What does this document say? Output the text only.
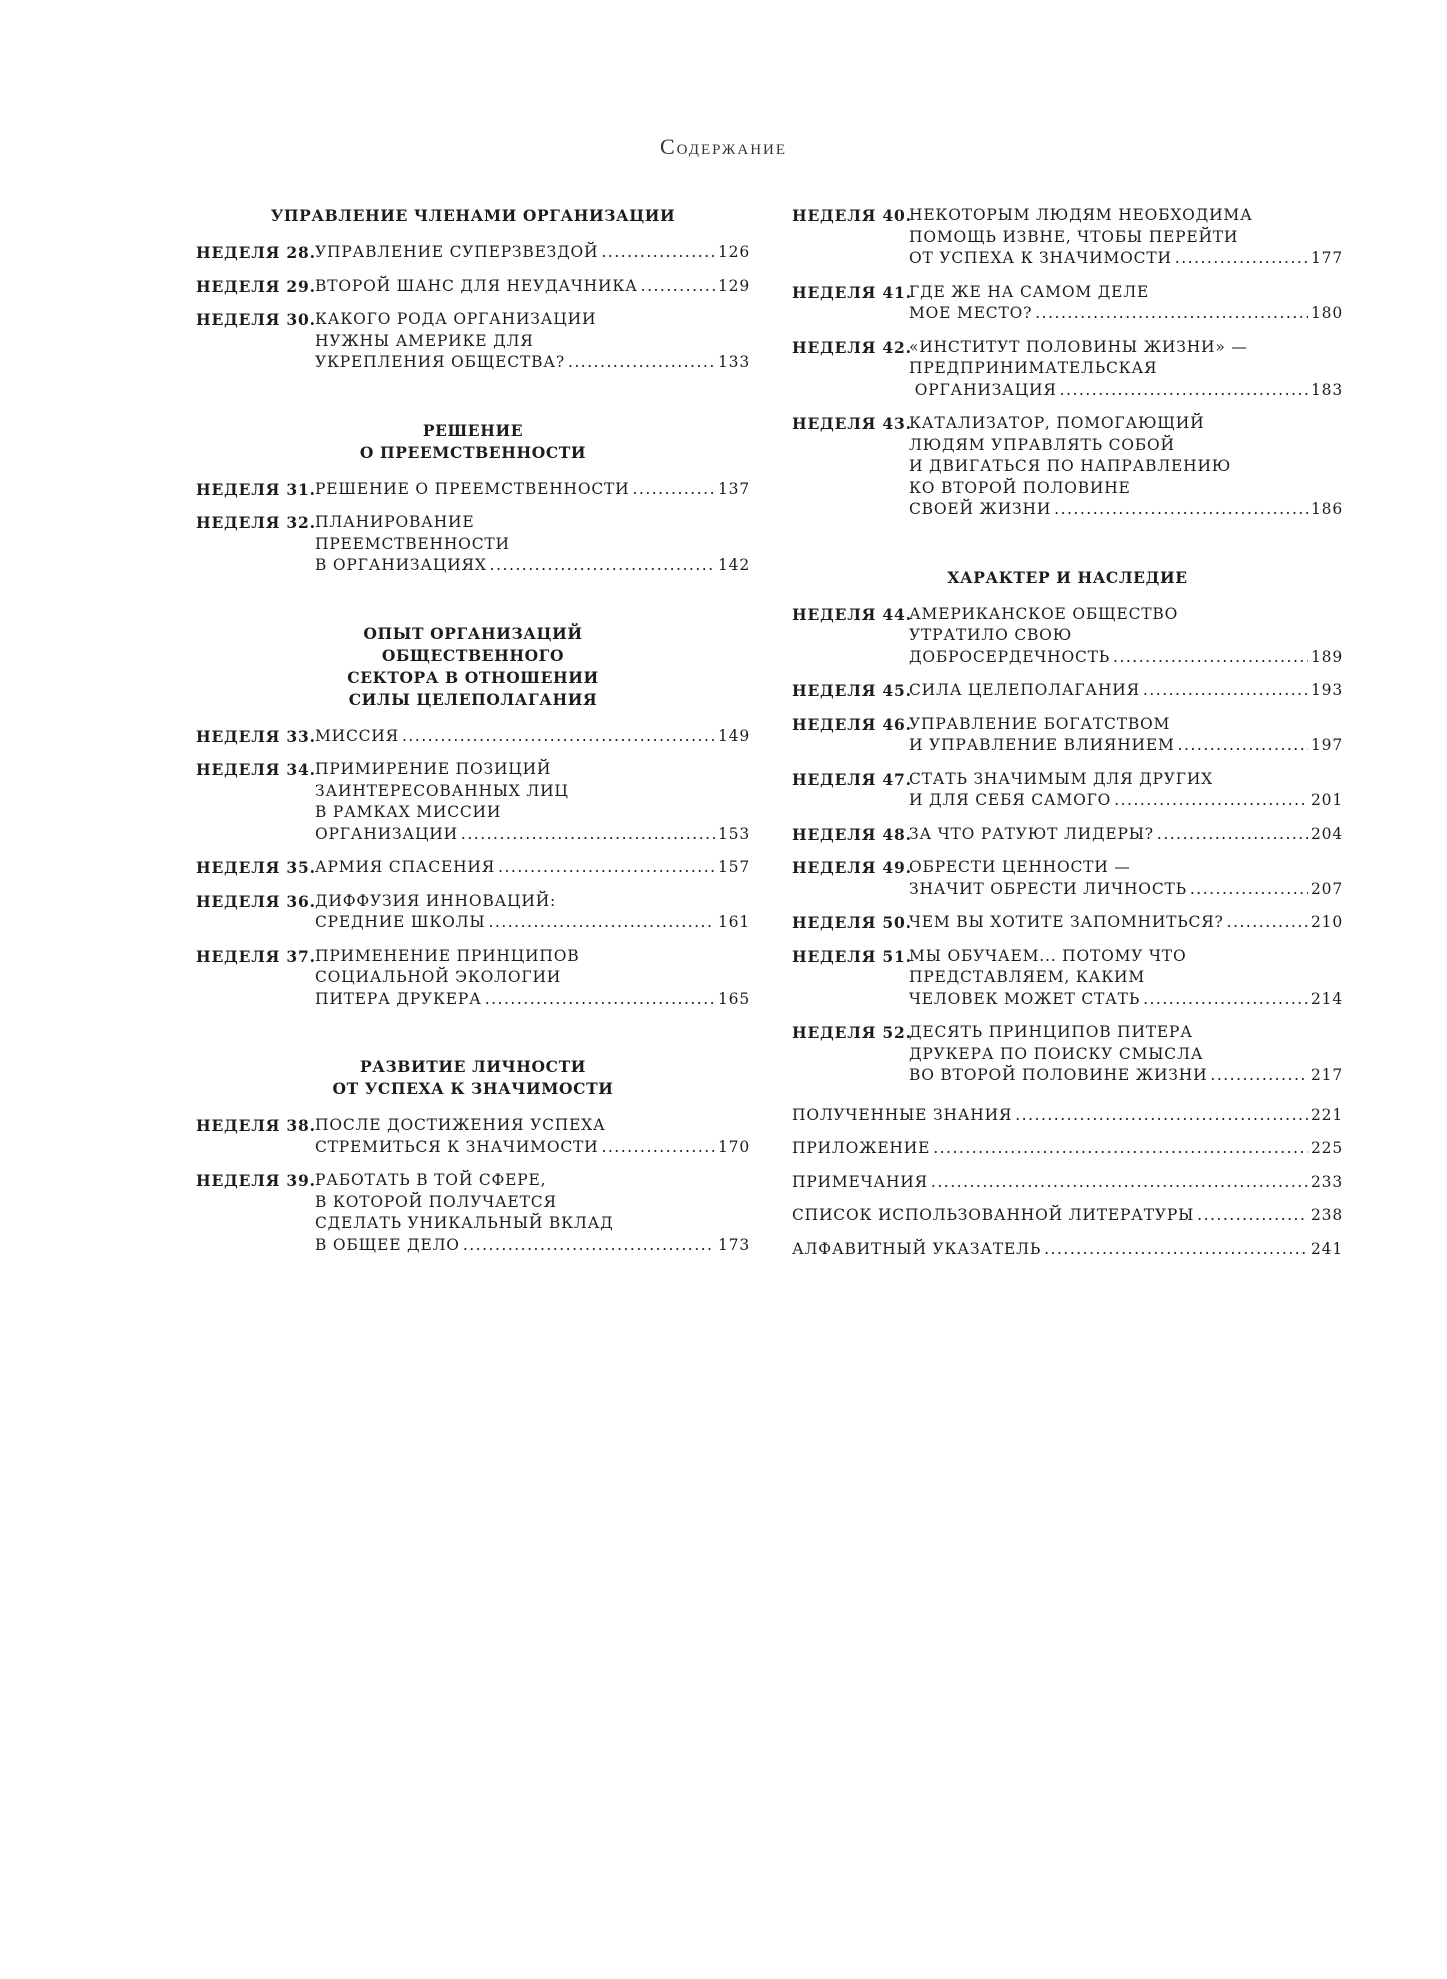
Содержание
УПРАВЛЕНИЕ ЧЛЕНАМИ ОРГАНИЗАЦИИ
НЕДЕЛЯ 28. УПРАВЛЕНИЕ СУПЕРЗВЕЗДОЙ .....	126
НЕДЕЛЯ 29. ВТОРОЙ ШАНС ДЛЯ НЕУДАЧНИКА .....	129
НЕДЕЛЯ 30. КАКОГО РОДА ОРГАНИЗАЦИИ
НУЖНЫ АМЕРИКЕ ДЛЯ
УКРЕПЛЕНИЯ ОБЩЕСТВА? .....	133
РЕШЕНИЕ
О ПРЕЕМСТВЕННОСТИ
НЕДЕЛЯ 31. РЕШЕНИЕ О ПРЕЕМСТВЕННОСТИ .....	137
НЕДЕЛЯ 32. ПЛАНИРОВАНИЕ
ПРЕЕМСТВЕННОСТИ
В ОРГАНИЗАЦИЯХ .....	142
ОПЫТ ОРГАНИЗАЦИЙ
ОБЩЕСТВЕННОГО
СЕКТОРА В ОТНОШЕНИИ
СИЛЫ ЦЕЛЕПОЛАГАНИЯ
НЕДЕЛЯ 33. МИССИЯ .....	149
НЕДЕЛЯ 34. ПРИМИРЕНИЕ ПОЗИЦИЙ
ЗАИНТЕРЕСОВАННЫХ ЛИЦ
В РАМКАХ МИССИИ
ОРГАНИЗАЦИИ .....	153
НЕДЕЛЯ 35. АРМИЯ СПАСЕНИЯ .....	157
НЕДЕЛЯ 36. ДИФФУЗИЯ ИННОВАЦИЙ:
СРЕДНИЕ ШКОЛЫ .....	161
НЕДЕЛЯ 37. ПРИМЕНЕНИЕ ПРИНЦИПОВ
СОЦИАЛЬНОЙ ЭКОЛОГИИ
ПИТЕРА ДРУКЕРА .....	165
РАЗВИТИЕ ЛИЧНОСТИ
ОТ УСПЕХА К ЗНАЧИМОСТИ
НЕДЕЛЯ 38. ПОСЛЕ ДОСТИЖЕНИЯ УСПЕХА
СТРЕМИТЬСЯ К ЗНАЧИМОСТИ .....	170
НЕДЕЛЯ 39. РАБОТАТЬ В ТОЙ СФЕРЕ,
В КОТОРОЙ ПОЛУЧАЕТСЯ
СДЕЛАТЬ УНИКАЛЬНЫЙ ВКЛАД
В ОБЩЕЕ ДЕЛО .....	173
НЕДЕЛЯ 40.
НЕКОТОРЫМ ЛЮДЯМ НЕОБХОДИМА
ПОМОЩЬ ИЗВНЕ, ЧТОБЫ ПЕРЕЙТИ
ОТ УСПЕХА К ЗНАЧИМОСТИ .....	177
НЕДЕЛЯ 41.
ГДЕ ЖЕ НА САМОМ ДЕЛЕ
МОЕ МЕСТО? .....	180
НЕДЕЛЯ 42.
«ИНСТИТУТ ПОЛОВИНЫ ЖИЗНИ» —
ПРЕДПРИНИМАТЕЛЬСКАЯ
ОРГАНИЗАЦИЯ .....	183
НЕДЕЛЯ 43.
КАТАЛИЗАТОР, ПОМОГАЮЩИЙ
ЛЮДЯМ УПРАВЛЯТЬ СОБОЙ
И ДВИГАТЬСЯ ПО НАПРАВЛЕНИЮ
КО ВТОРОЙ ПОЛОВИНЕ
СВОЕЙ ЖИЗНИ .....	186
ХАРАКТЕР И НАСЛЕДИЕ
НЕДЕЛЯ 44.
АМЕРИКАНСКОЕ ОБЩЕСТВО
УТРАТИЛО СВОЮ
ДОБРОСЕРДЕЧНОСТЬ .....	189
НЕДЕЛЯ 45.
СИЛА ЦЕЛЕПОЛАГАНИЯ .....	193
НЕДЕЛЯ 46.
УПРАВЛЕНИЕ БОГАТСТВОМ
И УПРАВЛЕНИЕ ВЛИЯНИЕМ .....	197
НЕДЕЛЯ 47.
СТАТЬ ЗНАЧИМЫМ ДЛЯ ДРУГИХ
И ДЛЯ СЕБЯ САМОГО .....	201
НЕДЕЛЯ 48.
ЗА ЧТО РАТУЮТ ЛИДЕРЫ? .....	204
НЕДЕЛЯ 49.
ОБРЕСТИ ЦЕННОСТИ —
ЗНАЧИТ ОБРЕСТИ ЛИЧНОСТЬ .....	207
НЕДЕЛЯ 50.
ЧЕМ ВЫ ХОТИТЕ ЗАПОМНИТЬСЯ? .....	210
НЕДЕЛЯ 51.
МЫ ОБУЧАЕМ... ПОТОМУ ЧТО
ПРЕДСТАВЛЯЕМ, КАКИМ
ЧЕЛОВЕК МОЖЕТ СТАТЬ .....	214
НЕДЕЛЯ 52.
ДЕСЯТЬ ПРИНЦИПОВ ПИТЕРА
ДРУКЕРА ПО ПОИСКУ СМЫСЛА
ВО ВТОРОЙ ПОЛОВИНЕ ЖИЗНИ .....	217
ПОЛУЧЕННЫЕ ЗНАНИЯ .....	221
ПРИЛОЖЕНИЕ .....	225
ПРИМЕЧАНИЯ .....	233
СПИСОК ИСПОЛЬЗОВАННОЙ ЛИТЕРАТУРЫ .....	238
АЛФАВИТНЫЙ УКАЗАТЕЛЬ .....	241
